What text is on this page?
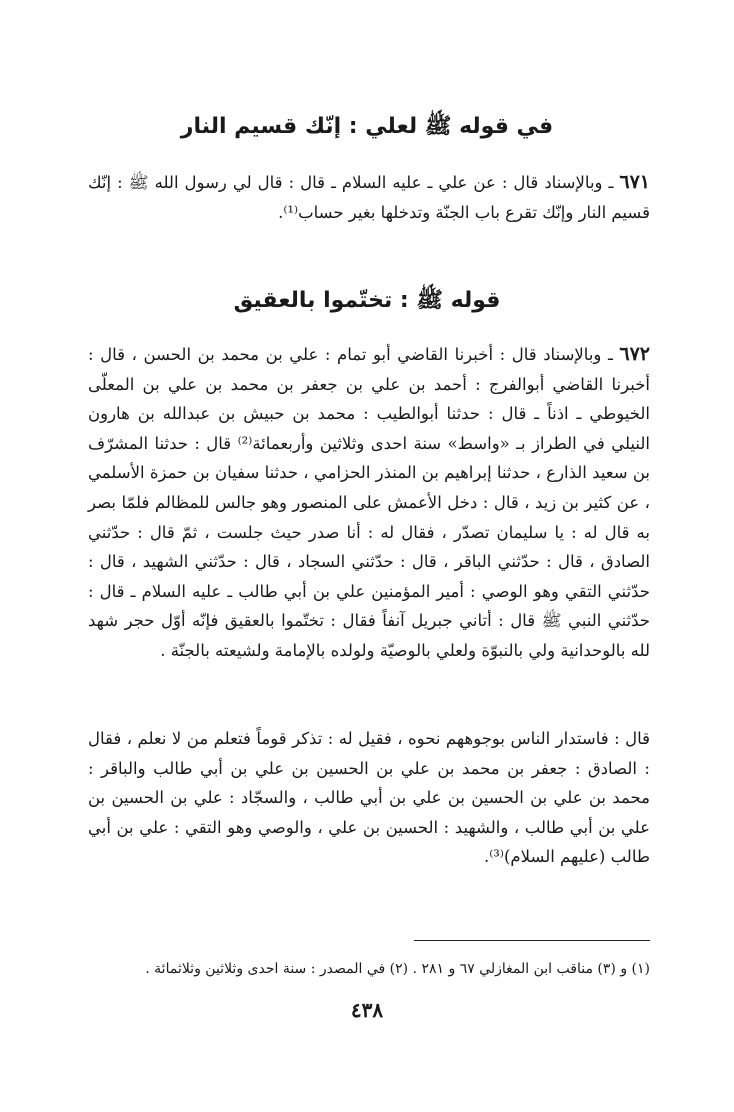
في قوله ﷺ لعلي : إنّك قسيم النار

٦٧١ ـ وبالإسناد قال : عن علي ـ عليه السلام ـ قال : قال لي رسول الله ﷺ : إنّك قسيم النار وإنّك تقرع باب الجنّة وتدخلها بغير حساب⁽¹⁾.

قوله ﷺ : تختّموا بالعقيق

٦٧٢ ـ وبالإسناد قال : أخبرنا القاضي أبو تمام : علي بن محمد بن الحسن ، قال : أخبرنا القاضي أبوالفرج : أحمد بن علي بن جعفر بن محمد بن علي بن المعلّى الخيوطي ـ اذناً ـ قال : حدثنا أبوالطيب : محمد بن حبيش بن عبدالله بن هارون النيلي في الطراز بـ «واسط» سنة احدى وثلاثين وأربعمائة⁽²⁾ قال : حدثنا المشرّف بن سعيد الذارع ، حدثنا إبراهيم بن المنذر الحزامي ، حدثنا سفيان بن حمزة الأسلمي ، عن كثير بن زيد ، قال : دخل الأعمش على المنصور وهو جالس للمظالم فلمّا بصر به قال له : يا سليمان تصدّر ، فقال له : أنا صدر حيث جلست ، ثمّ قال : حدّثني الصادق ، قال : حدّثني الباقر ، قال : حدّثني السجاد ، قال : حدّثني الشهيد ، قال : حدّثني التقي وهو الوصي : أمير المؤمنين علي بن أبي طالب ـ عليه السلام ـ قال : حدّثني النبي ﷺ قال : أتاني جبريل آنفاً فقال : تختّموا بالعقيق فإنّه أوّل حجر شهد لله بالوحدانية ولي بالنبوّة ولعلي بالوصيّة ولولده بالإمامة ولشيعته بالجنّة .

قال : فاستدار الناس بوجوههم نحوه ، فقيل له : تذكر قوماً فتعلم من لا نعلم ، فقال : الصادق : جعفر بن محمد بن علي بن الحسين بن علي بن أبي طالب والباقر : محمد بن علي بن الحسين بن علي بن أبي طالب ، والسجّاد : علي بن الحسين بن علي بن أبي طالب ، والشهيد : الحسين بن علي ، والوصي وهو التقي : علي بن أبي طالب (عليهم السلام)⁽³⁾.

(١) و (٣) مناقب ابن المغازلي ٦٧ و ٢٨١ . (٢) في المصدر : سنة احدى وثلاثين وثلاثمائة .
٤٣٨
